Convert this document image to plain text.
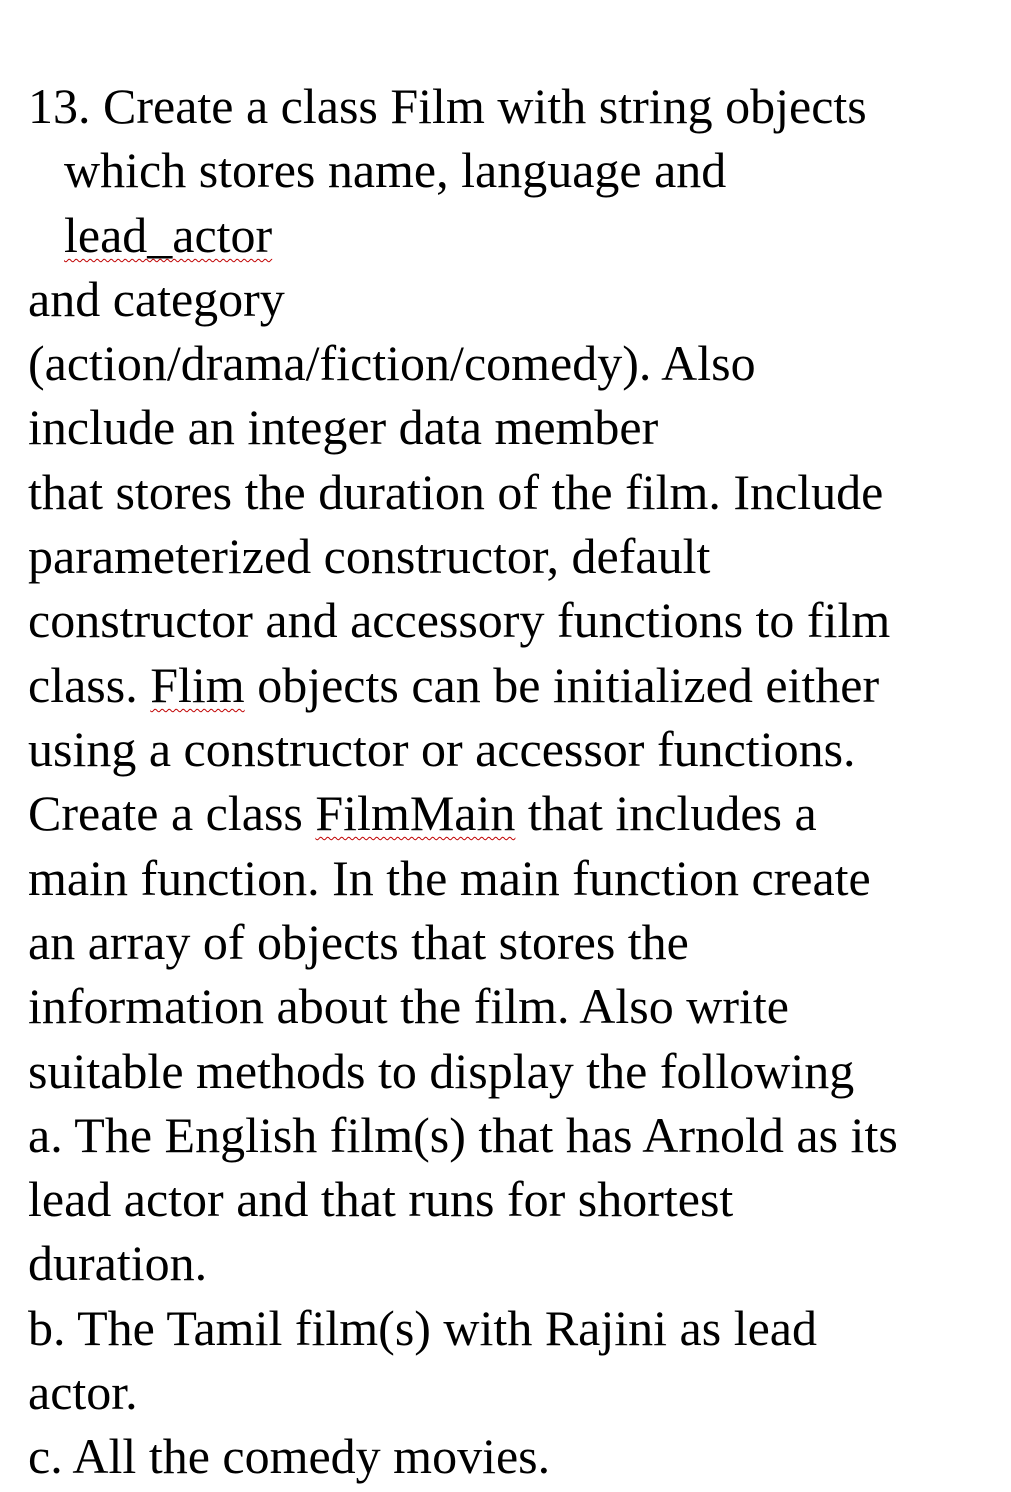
13. Create a class Film with string objects
which stores name, language and
lead_actor
and category
(action/drama/fiction/comedy). Also
include an integer data member
that stores the duration of the film. Include
parameterized constructor, default
constructor and accessory functions to film
class. Flim objects can be initialized either
using a constructor or accessor functions.
Create a class FilmMain that includes a
main function. In the main function create
an array of objects that stores the
information about the film. Also write
suitable methods to display the following
a. The English film(s) that has Arnold as its
lead actor and that runs for shortest
duration.
b. The Tamil film(s) with Rajini as lead
actor.
c. All the comedy movies.
